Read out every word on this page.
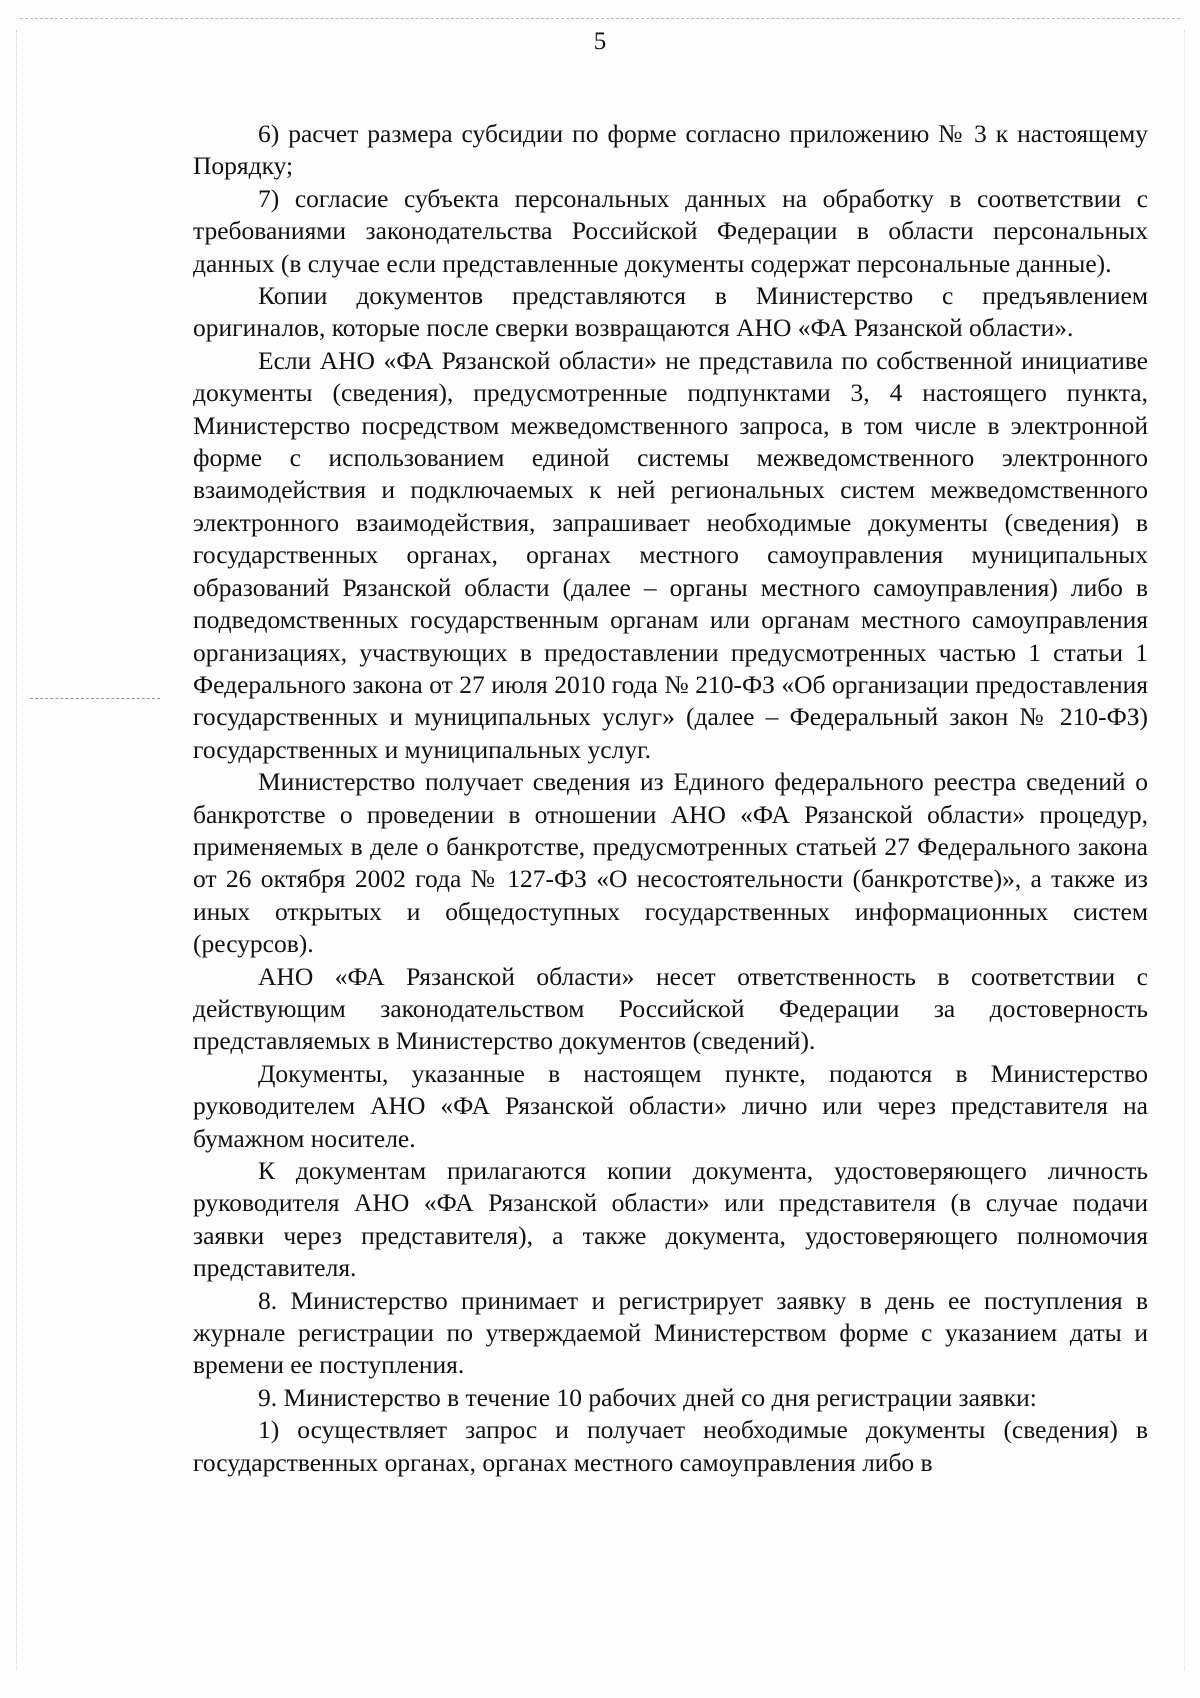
5

6) расчет размера субсидии по форме согласно приложению № 3 к настоящему Порядку;

7) согласие субъекта персональных данных на обработку в соответствии с требованиями законодательства Российской Федерации в области персональных данных (в случае если представленные документы содержат персональные данные).

Копии документов представляются в Министерство с предъявлением оригиналов, которые после сверки возвращаются АНО «ФА Рязанской области».

Если АНО «ФА Рязанской области» не представила по собственной инициативе документы (сведения), предусмотренные подпунктами 3, 4 настоящего пункта, Министерство посредством межведомственного запроса, в том числе в электронной форме с использованием единой системы межведомственного электронного взаимодействия и подключаемых к ней региональных систем межведомственного электронного взаимодействия, запрашивает необходимые документы (сведения) в государственных органах, органах местного самоуправления муниципальных образований Рязанской области (далее – органы местного самоуправления) либо в подведомственных государственным органам или органам местного самоуправления организациях, участвующих в предоставлении предусмотренных частью 1 статьи 1 Федерального закона от 27 июля 2010 года № 210-ФЗ «Об организации предоставления государственных и муниципальных услуг» (далее – Федеральный закон № 210-ФЗ) государственных и муниципальных услуг.

Министерство получает сведения из Единого федерального реестра сведений о банкротстве о проведении в отношении АНО «ФА Рязанской области» процедур, применяемых в деле о банкротстве, предусмотренных статьей 27 Федерального закона от 26 октября 2002 года № 127-ФЗ «О несостоятельности (банкротстве)», а также из иных открытых и общедоступных государственных информационных систем (ресурсов).

АНО «ФА Рязанской области» несет ответственность в соответствии с действующим законодательством Российской Федерации за достоверность представляемых в Министерство документов (сведений).

Документы, указанные в настоящем пункте, подаются в Министерство руководителем АНО «ФА Рязанской области» лично или через представителя на бумажном носителе.

К документам прилагаются копии документа, удостоверяющего личность руководителя АНО «ФА Рязанской области» или представителя (в случае подачи заявки через представителя), а также документа, удостоверяющего полномочия представителя.

8. Министерство принимает и регистрирует заявку в день ее поступления в журнале регистрации по утверждаемой Министерством форме с указанием даты и времени ее поступления.

9. Министерство в течение 10 рабочих дней со дня регистрации заявки:

1) осуществляет запрос и получает необходимые документы (сведения) в государственных органах, органах местного самоуправления либо в
